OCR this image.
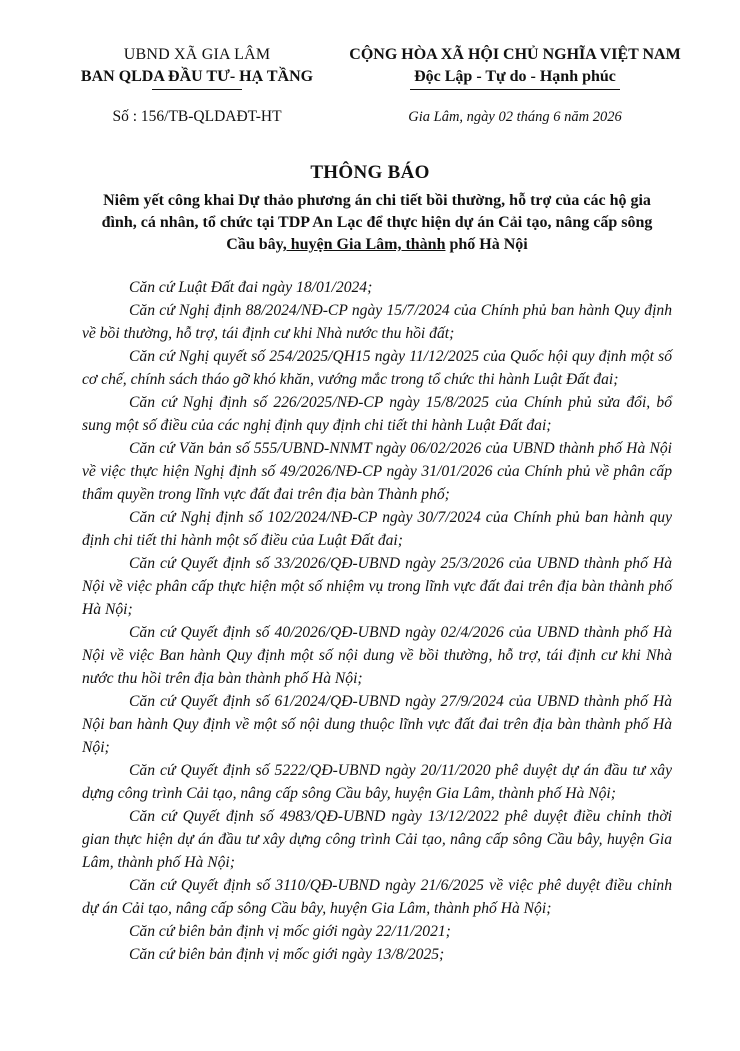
UBND XÃ GIA LÂM
BAN QLDA ĐẦU TƯ- HẠ TẦNG
Số : 156/TB-QLDAĐT-HT
CỘNG HÒA XÃ HỘI CHỦ NGHĨA VIỆT NAM
Độc Lập - Tự do - Hạnh phúc
Gia Lâm, ngày 02 tháng 6 năm 2026
THÔNG BÁO
Niêm yết công khai Dự thảo phương án chi tiết bồi thường, hỗ trợ của các hộ gia đình, cá nhân, tổ chức tại TDP An Lạc để thực hiện dự án Cải tạo, nâng cấp sông Cầu bây, huyện Gia Lâm, thành phố Hà Nội

Căn cứ Luật Đất đai ngày 18/01/2024;

Căn cứ Nghị định 88/2024/NĐ-CP ngày 15/7/2024 của Chính phủ ban hành Quy định về bồi thường, hỗ trợ, tái định cư khi Nhà nước thu hồi đất;

Căn cứ Nghị quyết số 254/2025/QH15 ngày 11/12/2025 của Quốc hội quy định một số cơ chế, chính sách tháo gỡ khó khăn, vướng mắc trong tổ chức thi hành Luật Đất đai;

Căn cứ Nghị định số 226/2025/NĐ-CP ngày 15/8/2025 của Chính phủ sửa đổi, bổ sung một số điều của các nghị định quy định chi tiết thi hành Luật Đất đai;

Căn cứ Văn bản số 555/UBND-NNMT ngày 06/02/2026 của UBND thành phố Hà Nội về việc thực hiện Nghị định số 49/2026/NĐ-CP ngày 31/01/2026 của Chính phủ về phân cấp thẩm quyền trong lĩnh vực đất đai trên địa bàn Thành phố;

Căn cứ Nghị định số 102/2024/NĐ-CP ngày 30/7/2024 của Chính phủ ban hành quy định chi tiết thi hành một số điều của Luật Đất đai;

Căn cứ Quyết định số 33/2026/QĐ-UBND ngày 25/3/2026 của UBND thành phố Hà Nội về việc phân cấp thực hiện một số nhiệm vụ trong lĩnh vực đất đai trên địa bàn thành phố Hà Nội;

Căn cứ Quyết định số 40/2026/QĐ-UBND ngày 02/4/2026 của UBND thành phố Hà Nội về việc Ban hành Quy định một số nội dung về bồi thường, hỗ trợ, tái định cư khi Nhà nước thu hồi trên địa bàn thành phố Hà Nội;

Căn cứ Quyết định số 61/2024/QĐ-UBND ngày 27/9/2024 của UBND thành phố Hà Nội ban hành Quy định về một số nội dung thuộc lĩnh vực đất đai trên địa bàn thành phố Hà Nội;

Căn cứ Quyết định số 5222/QĐ-UBND ngày 20/11/2020 phê duyệt dự án đầu tư xây dựng công trình Cải tạo, nâng cấp sông Cầu bây, huyện Gia Lâm, thành phố Hà Nội;

Căn cứ Quyết định số 4983/QĐ-UBND ngày 13/12/2022 phê duyệt điều chỉnh thời gian thực hiện dự án đầu tư xây dựng công trình Cải tạo, nâng cấp sông Cầu bây, huyện Gia Lâm, thành phố Hà Nội;

Căn cứ Quyết định số 3110/QĐ-UBND ngày 21/6/2025 về việc phê duyệt điều chỉnh dự án Cải tạo, nâng cấp sông Cầu bây, huyện Gia Lâm, thành phố Hà Nội;

Căn cứ biên bản định vị mốc giới ngày 22/11/2021;

Căn cứ biên bản định vị mốc giới ngày 13/8/2025;
